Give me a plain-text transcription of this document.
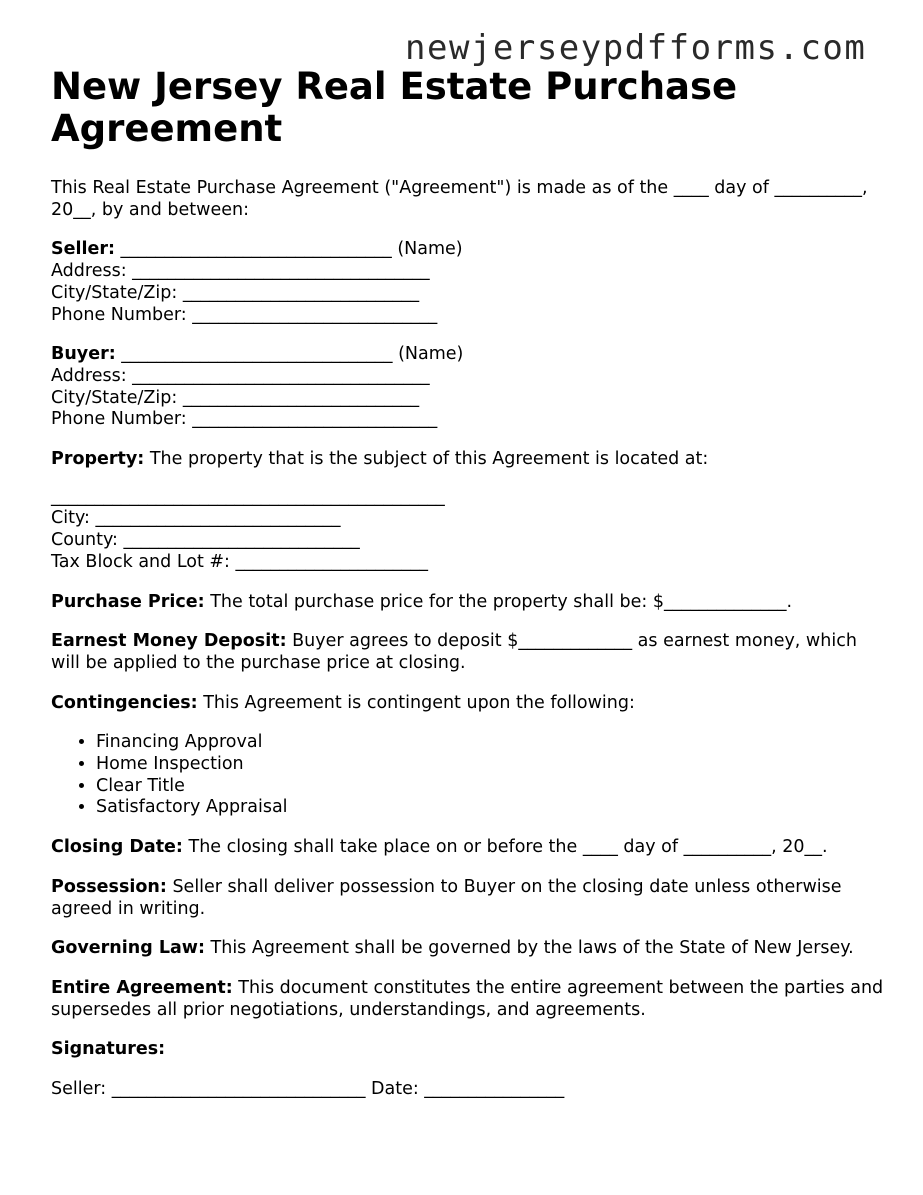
newjerseypdfforms.com
New Jersey Real Estate Purchase Agreement

This Real Estate Purchase Agreement ("Agreement") is made as of the ____ day of __________, 20__, by and between:

Seller: _______________________________ (Name)
Address: __________________________________
City/State/Zip: ___________________________
Phone Number: ____________________________
Buyer: _______________________________ (Name)
Address: __________________________________
City/State/Zip: ___________________________
Phone Number: ____________________________

Property: The property that is the subject of this Agreement is located at:

_____________________________________________
City: ____________________________
County: ___________________________
Tax Block and Lot #: ______________________

Purchase Price: The total purchase price for the property shall be: $______________.

Earnest Money Deposit: Buyer agrees to deposit $_____________ as earnest money, which will be applied to the purchase price at closing.

Contingencies: This Agreement is contingent upon the following:

• Financing Approval
• Home Inspection
• Clear Title
• Satisfactory Appraisal

Closing Date: The closing shall take place on or before the ____ day of __________, 20__.

Possession: Seller shall deliver possession to Buyer on the closing date unless otherwise agreed in writing.

Governing Law: This Agreement shall be governed by the laws of the State of New Jersey.

Entire Agreement: This document constitutes the entire agreement between the parties and supersedes all prior negotiations, understandings, and agreements.

Signatures:

Seller: _____________________________ Date: ________________
